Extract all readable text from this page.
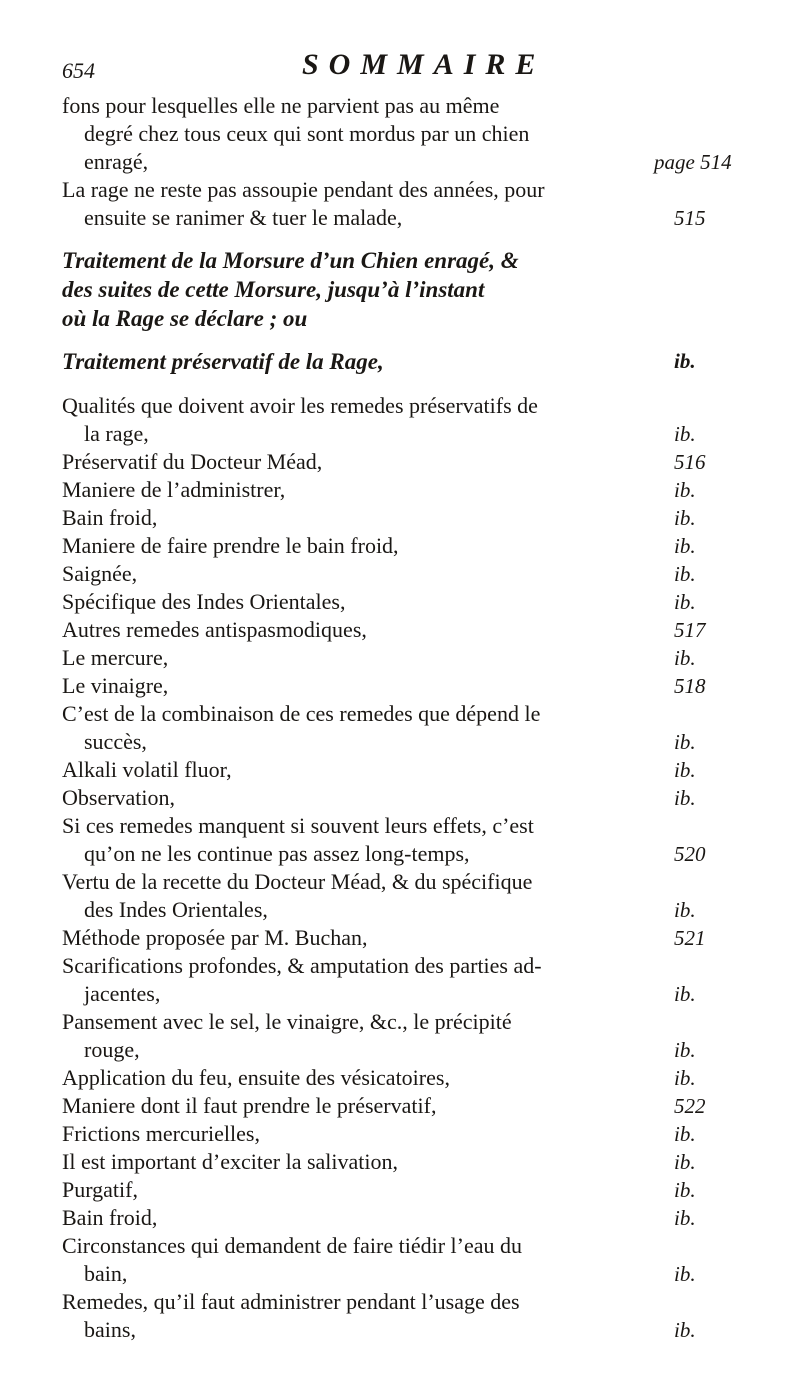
654	SOMMAIRE
fons pour lesquelles elle ne parvient pas au même
degré chez tous ceux qui sont mordus par un chien
enragé,	page 514
La rage ne reste pas assoupie pendant des années, pour
ensuite se ranimer & tuer le malade,	515
Traitement de la Morsure d’un Chien enragé, &
des suites de cette Morsure, jusqu’à l’instant
où la Rage se déclare ; ou
Traitement préservatif de la Rage,	ib.
Qualités que doivent avoir les remedes préservatifs de
la rage,	ib.
Préservatif du Docteur Méad,	516
Maniere de l’administrer,	ib.
Bain froid,	ib.
Maniere de faire prendre le bain froid,	ib.
Saignée,	ib.
Spécifique des Indes Orientales,	ib.
Autres remedes antispasmodiques,	517
Le mercure,	ib.
Le vinaigre,	518
C’est de la combinaison de ces remedes que dépend le
succès,	ib.
Alkali volatil fluor,	ib.
Observation,	ib.
Si ces remedes manquent si souvent leurs effets, c’est
qu’on ne les continue pas assez long-temps,	520
Vertu de la recette du Docteur Méad, & du spécifique
des Indes Orientales,	ib.
Méthode proposée par M. Buchan,	521
Scarifications profondes, & amputation des parties ad-
jacentes,	ib.
Pansement avec le sel, le vinaigre, &c., le précipité
rouge,	ib.
Application du feu, ensuite des vésicatoires,	ib.
Maniere dont il faut prendre le préservatif,	522
Frictions mercurielles,	ib.
Il est important d’exciter la salivation,	ib.
Purgatif,	ib.
Bain froid,	ib.
Circonstances qui demandent de faire tiédir l’eau du
bain,	ib.
Remedes, qu’il faut administrer pendant l’usage des
bains,	ib.
